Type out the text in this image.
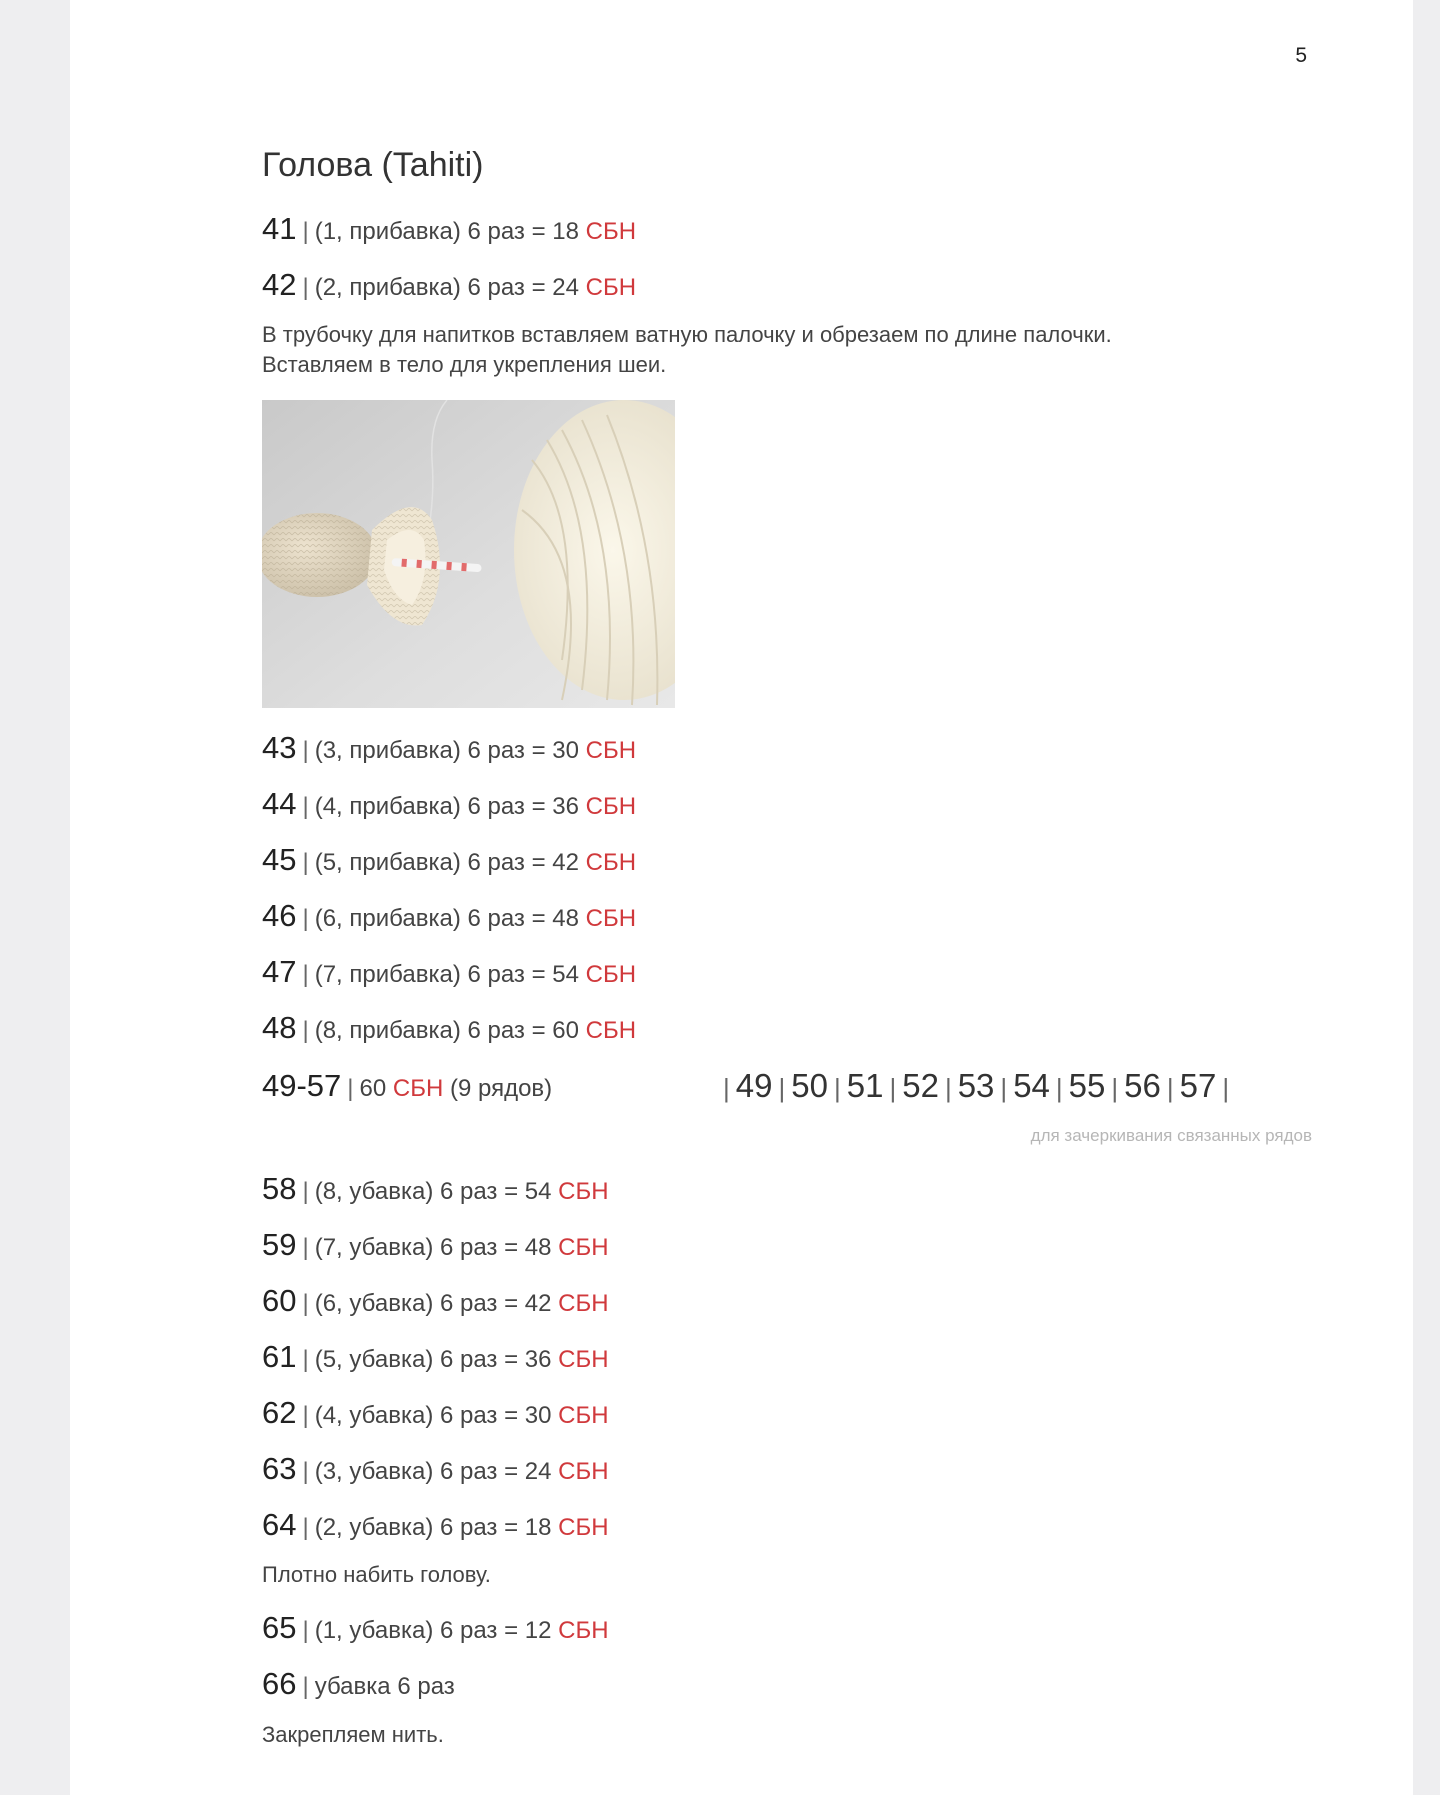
5
Голова (Tahiti)
41 | (1, прибавка) 6 раз = 18 СБН
42 | (2, прибавка) 6 раз = 24 СБН
В трубочку для напитков вставляем ватную палочку и обрезаем по длине палочки.
Вставляем в тело для укрепления шеи.
43 | (3, прибавка) 6 раз = 30 СБН
44 | (4, прибавка) 6 раз = 36 СБН
45 | (5, прибавка) 6 раз = 42 СБН
46 | (6, прибавка) 6 раз = 48 СБН
47 | (7, прибавка) 6 раз = 54 СБН
48 | (8, прибавка) 6 раз = 60 СБН
49-57 | 60 СБН (9 рядов)	| 49 | 50 | 51 | 52 | 53 | 54 | 55 | 56 | 57 |
для зачеркивания связанных рядов
58 | (8, убавка) 6 раз = 54 СБН
59 | (7, убавка) 6 раз = 48 СБН
60 | (6, убавка) 6 раз = 42 СБН
61 | (5, убавка) 6 раз = 36 СБН
62 | (4, убавка) 6 раз = 30 СБН
63 | (3, убавка) 6 раз = 24 СБН
64 | (2, убавка) 6 раз = 18 СБН
Плотно набить голову.
65 | (1, убавка) 6 раз = 12 СБН
66 | убавка 6 раз
Закрепляем нить.
